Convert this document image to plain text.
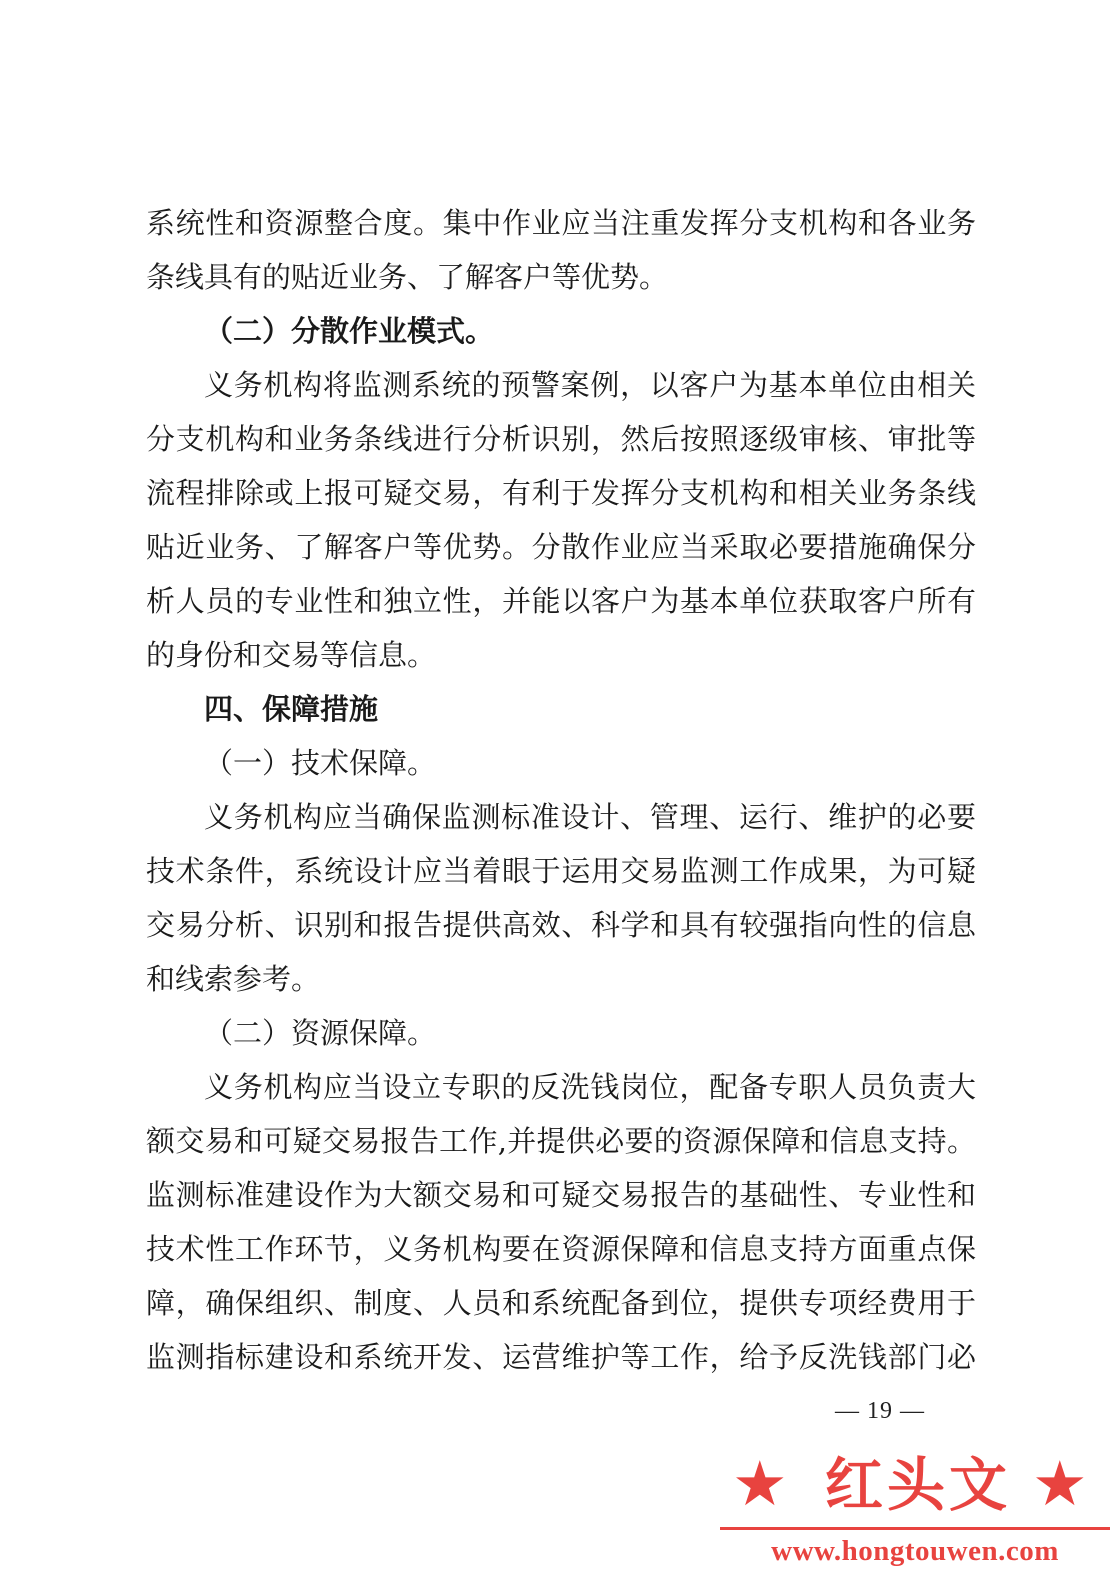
系统性和资源整合度。集中作业应当注重发挥分支机构和各业务
条线具有的贴近业务、了解客户等优势。
（二）分散作业模式。
义务机构将监测系统的预警案例，以客户为基本单位由相关
分支机构和业务条线进行分析识别，然后按照逐级审核、审批等
流程排除或上报可疑交易，有利于发挥分支机构和相关业务条线
贴近业务、了解客户等优势。分散作业应当采取必要措施确保分
析人员的专业性和独立性，并能以客户为基本单位获取客户所有
的身份和交易等信息。
四、保障措施
（一）技术保障。
义务机构应当确保监测标准设计、管理、运行、维护的必要
技术条件，系统设计应当着眼于运用交易监测工作成果，为可疑
交易分析、识别和报告提供高效、科学和具有较强指向性的信息
和线索参考。
（二）资源保障。
义务机构应当设立专职的反洗钱岗位，配备专职人员负责大
额交易和可疑交易报告工作,并提供必要的资源保障和信息支持。
监测标准建设作为大额交易和可疑交易报告的基础性、专业性和
技术性工作环节，义务机构要在资源保障和信息支持方面重点保
障，确保组织、制度、人员和系统配备到位，提供专项经费用于
监测指标建设和系统开发、运营维护等工作，给予反洗钱部门必
— 19 —
★ 红头文 ★
www.hongtouwen.com
